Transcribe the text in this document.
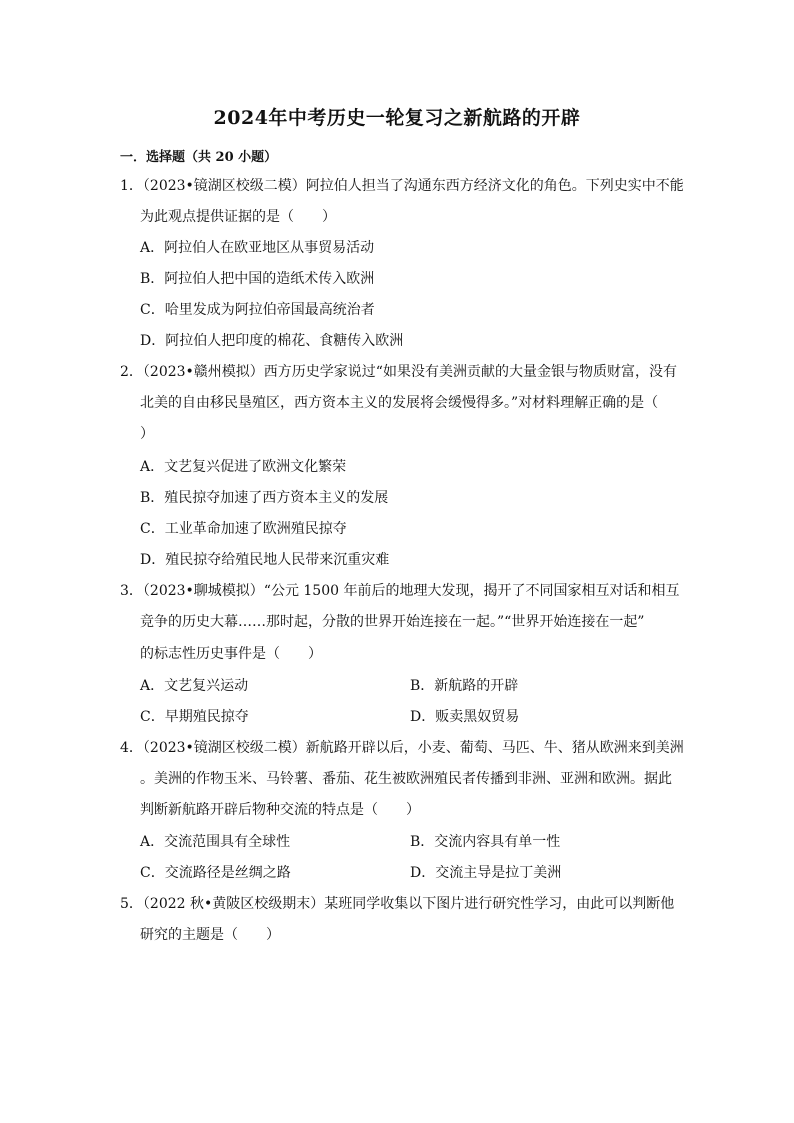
2024年中考历史一轮复习之新航路的开辟
一．选择题（共 20 小题）
1．（2023•镜湖区校级二模）阿拉伯人担当了沟通东西方经济文化的角色。下列史实中不能
为此观点提供证据的是（　　）
A．阿拉伯人在欧亚地区从事贸易活动
B．阿拉伯人把中国的造纸术传入欧洲
C．哈里发成为阿拉伯帝国最高统治者
D．阿拉伯人把印度的棉花、食糖传入欧洲
2．（2023•赣州模拟）西方历史学家说过“如果没有美洲贡献的大量金银与物质财富，没有
北美的自由移民垦殖区，西方资本主义的发展将会缓慢得多。”对材料理解正确的是（
）
A．文艺复兴促进了欧洲文化繁荣
B．殖民掠夺加速了西方资本主义的发展
C．工业革命加速了欧洲殖民掠夺
D．殖民掠夺给殖民地人民带来沉重灾难
3．（2023•聊城模拟）“公元 1500 年前后的地理大发现，揭开了不同国家相互对话和相互
竞争的历史大幕……那时起，分散的世界开始连接在一起。”“世界开始连接在一起”
的标志性历史事件是（　　）
A．文艺复兴运动	B．新航路的开辟
C．早期殖民掠夺	D．贩卖黑奴贸易
4．（2023•镜湖区校级二模）新航路开辟以后，小麦、葡萄、马匹、牛、猪从欧洲来到美洲
。美洲的作物玉米、马铃薯、番茄、花生被欧洲殖民者传播到非洲、亚洲和欧洲。据此
判断新航路开辟后物种交流的特点是（　　）
A．交流范围具有全球性	B．交流内容具有单一性
C．交流路径是丝绸之路	D．交流主导是拉丁美洲
5．（2022 秋•黄陂区校级期末）某班同学收集以下图片进行研究性学习，由此可以判断他
研究的主题是（　　）
